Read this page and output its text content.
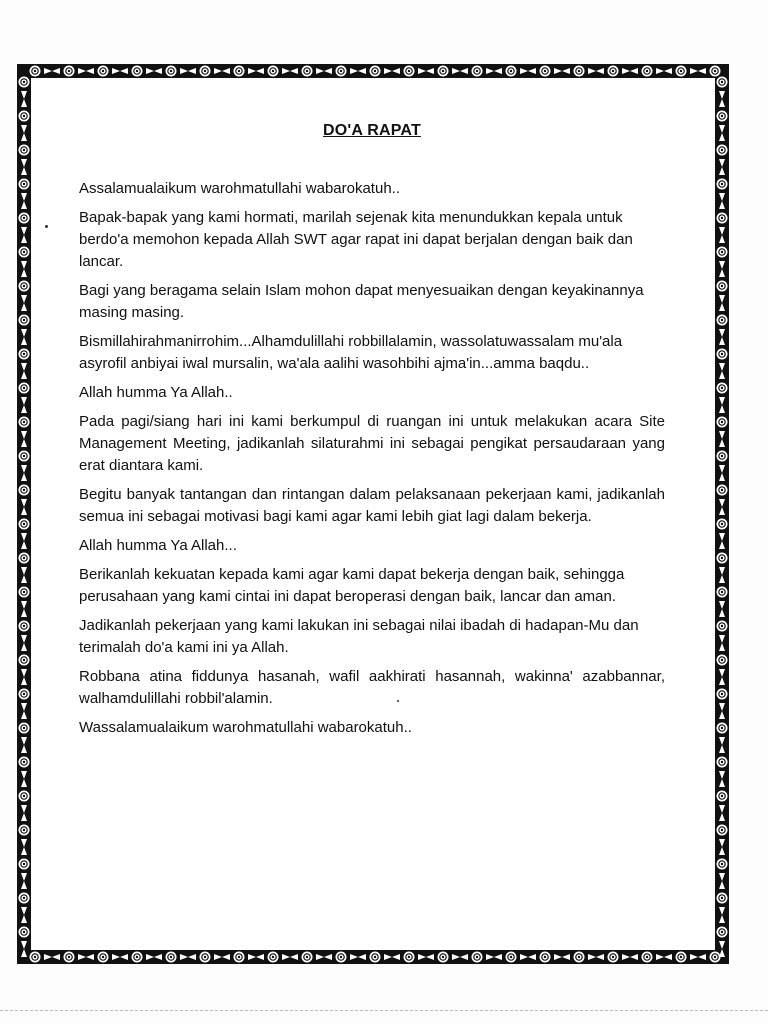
DO'A RAPAT

Assalamualaikum warohmatullahi wabarokatuh..

Bapak-bapak yang kami hormati, marilah sejenak kita menundukkan kepala untuk berdo'a memohon kepada Allah SWT agar rapat ini dapat berjalan dengan baik dan lancar.

Bagi yang beragama selain Islam mohon dapat menyesuaikan dengan keyakinannya masing masing.

Bismillahirahmanirrohim...Alhamdulillahi robbillalamin, wassolatuwassalam mu'ala asyrofil anbiyai iwal mursalin, wa'ala aalihi wasohbihi ajma'in...amma baqdu..

Allah humma Ya Allah..

Pada pagi/siang hari ini kami berkumpul di ruangan ini untuk melakukan acara Site Management Meeting, jadikanlah silaturahmi ini sebagai pengikat persaudaraan yang erat diantara kami.

Begitu banyak tantangan dan rintangan dalam pelaksanaan pekerjaan kami, jadikanlah semua ini sebagai motivasi bagi kami agar kami lebih giat lagi dalam bekerja.

Allah humma Ya Allah...

Berikanlah kekuatan kepada kami agar kami dapat bekerja dengan baik, sehingga perusahaan yang kami cintai ini dapat beroperasi dengan baik, lancar dan aman.

Jadikanlah pekerjaan yang kami lakukan ini sebagai nilai ibadah di hadapan-Mu dan terimalah do'a kami ini ya Allah.

Robbana atina fiddunya hasanah, wafil aakhirati hasannah, wakinna' azabbannar, walhamdulillahi robbil'alamin.

Wassalamualaikum warohmatullahi wabarokatuh..
